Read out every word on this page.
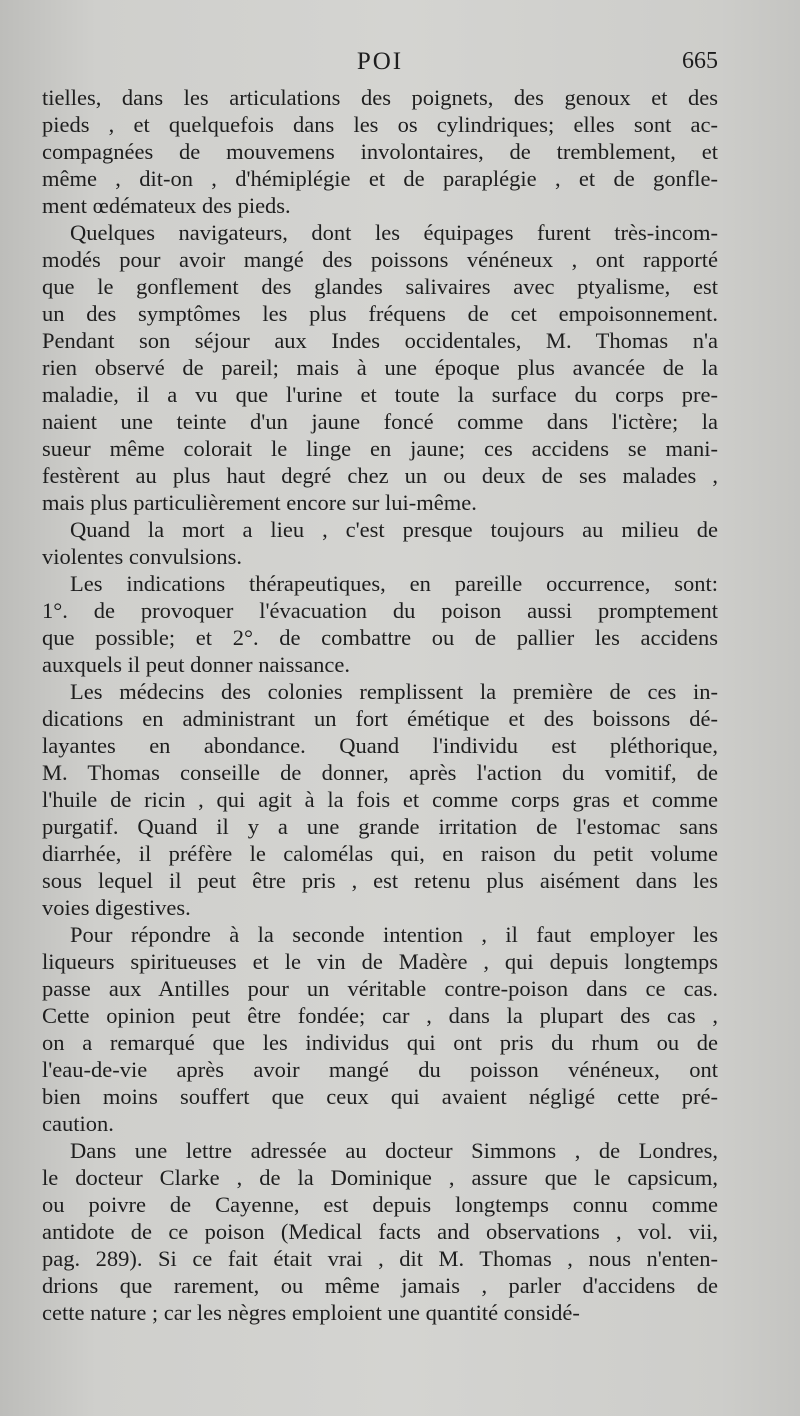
POI	665
tielles, dans les articulations des poignets, des genoux et des
pieds , et quelquefois dans les os cylindriques; elles sont ac-
compagnées de mouvemens involontaires, de tremblement, et
même , dit-on , d'hémiplégie et de paraplégie , et de gonfle-
ment œdémateux des pieds.
Quelques navigateurs, dont les équipages furent très-incom-
modés pour avoir mangé des poissons vénéneux , ont rapporté
que le gonflement des glandes salivaires avec ptyalisme, est
un des symptômes les plus fréquens de cet empoisonnement.
Pendant son séjour aux Indes occidentales, M. Thomas n'a
rien observé de pareil; mais à une époque plus avancée de la
maladie, il a vu que l'urine et toute la surface du corps pre-
naient une teinte d'un jaune foncé comme dans l'ictère; la
sueur même colorait le linge en jaune; ces accidens se mani-
festèrent au plus haut degré chez un ou deux de ses malades ,
mais plus particulièrement encore sur lui-même.
Quand la mort a lieu , c'est presque toujours au milieu de
violentes convulsions.
Les indications thérapeutiques, en pareille occurrence, sont:
1°. de provoquer l'évacuation du poison aussi promptement
que possible; et 2°. de combattre ou de pallier les accidens
auxquels il peut donner naissance.
Les médecins des colonies remplissent la première de ces in-
dications en administrant un fort émétique et des boissons dé-
layantes en abondance. Quand l'individu est pléthorique,
M. Thomas conseille de donner, après l'action du vomitif, de
l'huile de ricin , qui agit à la fois et comme corps gras et comme
purgatif. Quand il y a une grande irritation de l'estomac sans
diarrhée, il préfère le calomélas qui, en raison du petit volume
sous lequel il peut être pris , est retenu plus aisément dans les
voies digestives.
Pour répondre à la seconde intention , il faut employer les
liqueurs spiritueuses et le vin de Madère , qui depuis longtemps
passe aux Antilles pour un véritable contre-poison dans ce cas.
Cette opinion peut être fondée; car , dans la plupart des cas ,
on a remarqué que les individus qui ont pris du rhum ou de
l'eau-de-vie après avoir mangé du poisson vénéneux, ont
bien moins souffert que ceux qui avaient négligé cette pré-
caution.
Dans une lettre adressée au docteur Simmons , de Londres,
le docteur Clarke , de la Dominique , assure que le capsicum,
ou poivre de Cayenne, est depuis longtemps connu comme
antidote de ce poison (Medical facts and observations , vol. vii,
pag. 289). Si ce fait était vrai , dit M. Thomas , nous n'enten-
drions que rarement, ou même jamais , parler d'accidens de
cette nature ; car les nègres emploient une quantité considé-
